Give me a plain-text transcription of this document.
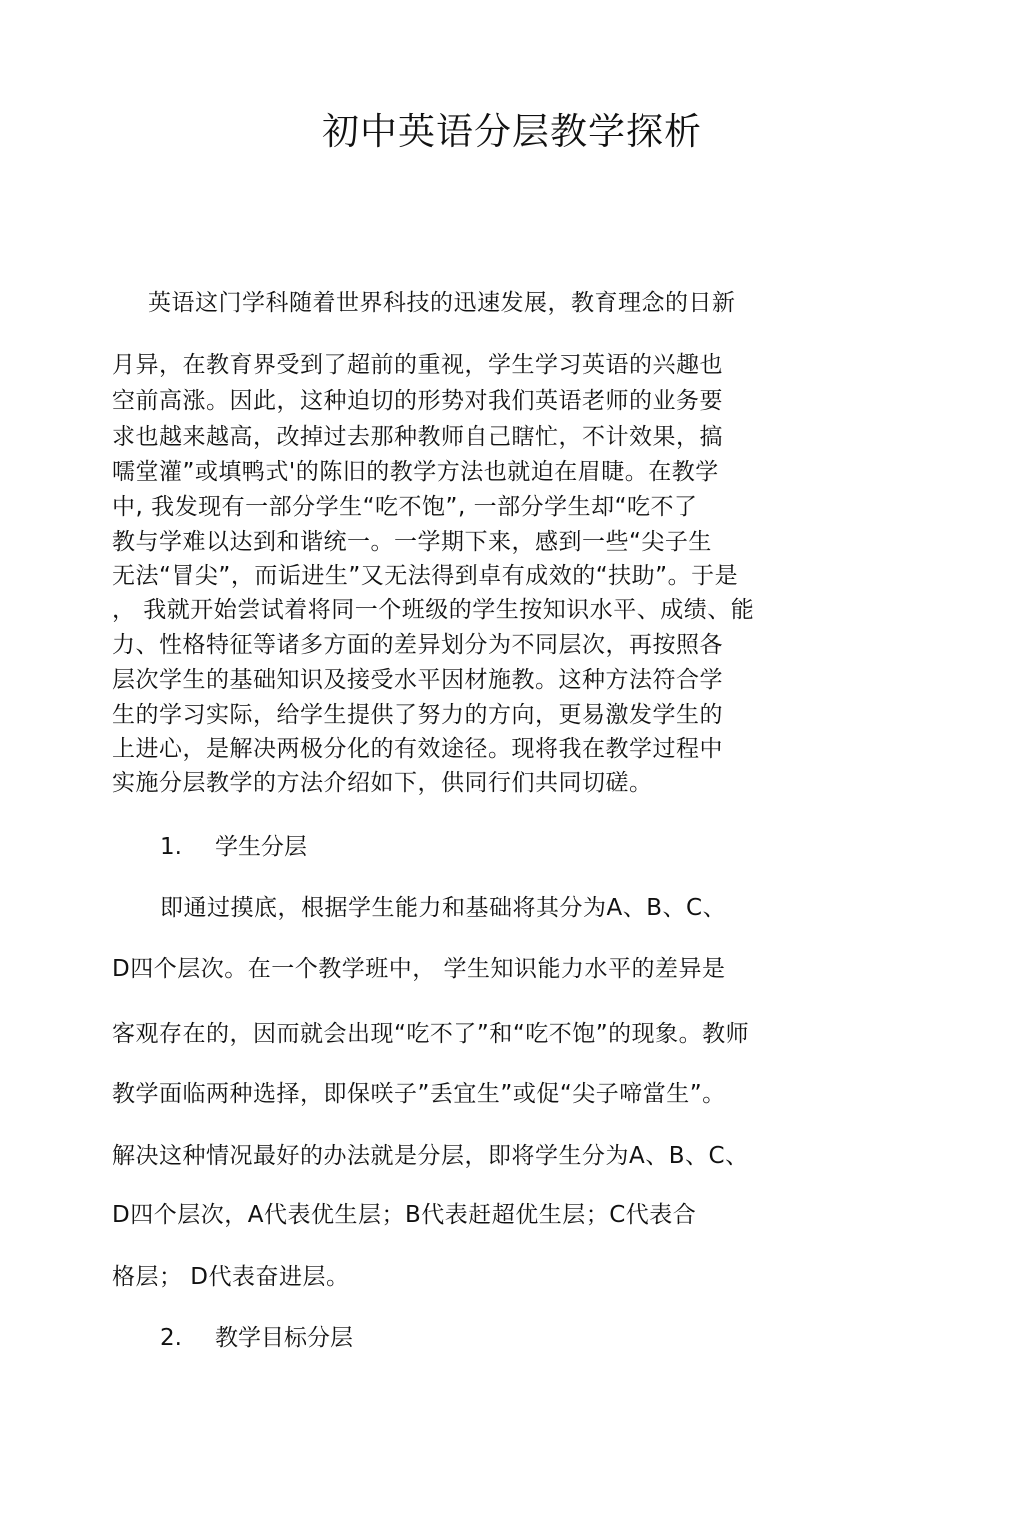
初中英语分层教学探析
英语这门学科随着世界科技的迅速发展，教育理念的日新
月异，在教育界受到了超前的重视，学生学习英语的兴趣也
空前高涨。因此，这种迫切的形势对我们英语老师的业务要
求也越来越高，改掉过去那种教师自己瞎忙，不计效果，搞
嚅堂灌”或填鸭式'的陈旧的教学方法也就迫在眉睫。在教学
中, 我发现有一部分学生“吃不饱”, 一部分学生却“吃不了
教与学难以达到和谐统一。一学期下来，感到一些“尖子生
无法“冒尖”，而诟进生”又无法得到卓有成效的“扶助”。于是
， 我就开始尝试着将同一个班级的学生按知识水平、成绩、能
力、性格特征等诸多方面的差异划分为不同层次，再按照各
层次学生的基础知识及接受水平因材施教。这种方法符合学
生的学习实际，给学生提供了努力的方向，更易激发学生的
上进心，是解决两极分化的有效途径。现将我在教学过程中
实施分层教学的方法介绍如下，供同行们共同切磋。
1. 学生分层
即通过摸底，根据学生能力和基础将其分为A、B、C、
D四个层次。在一个教学班中， 学生知识能力水平的差异是
客观存在的，因而就会出现“吃不了”和“吃不饱”的现象。教师
教学面临两种选择，即保咲子”丢宜生”或促“尖子啼當生”。
解决这种情况最好的办法就是分层，即将学生分为A、B、C、
D四个层次，A代表优生层；B代表赶超优生层；C代表合
格层； D代表奋进层。
2. 教学目标分层
